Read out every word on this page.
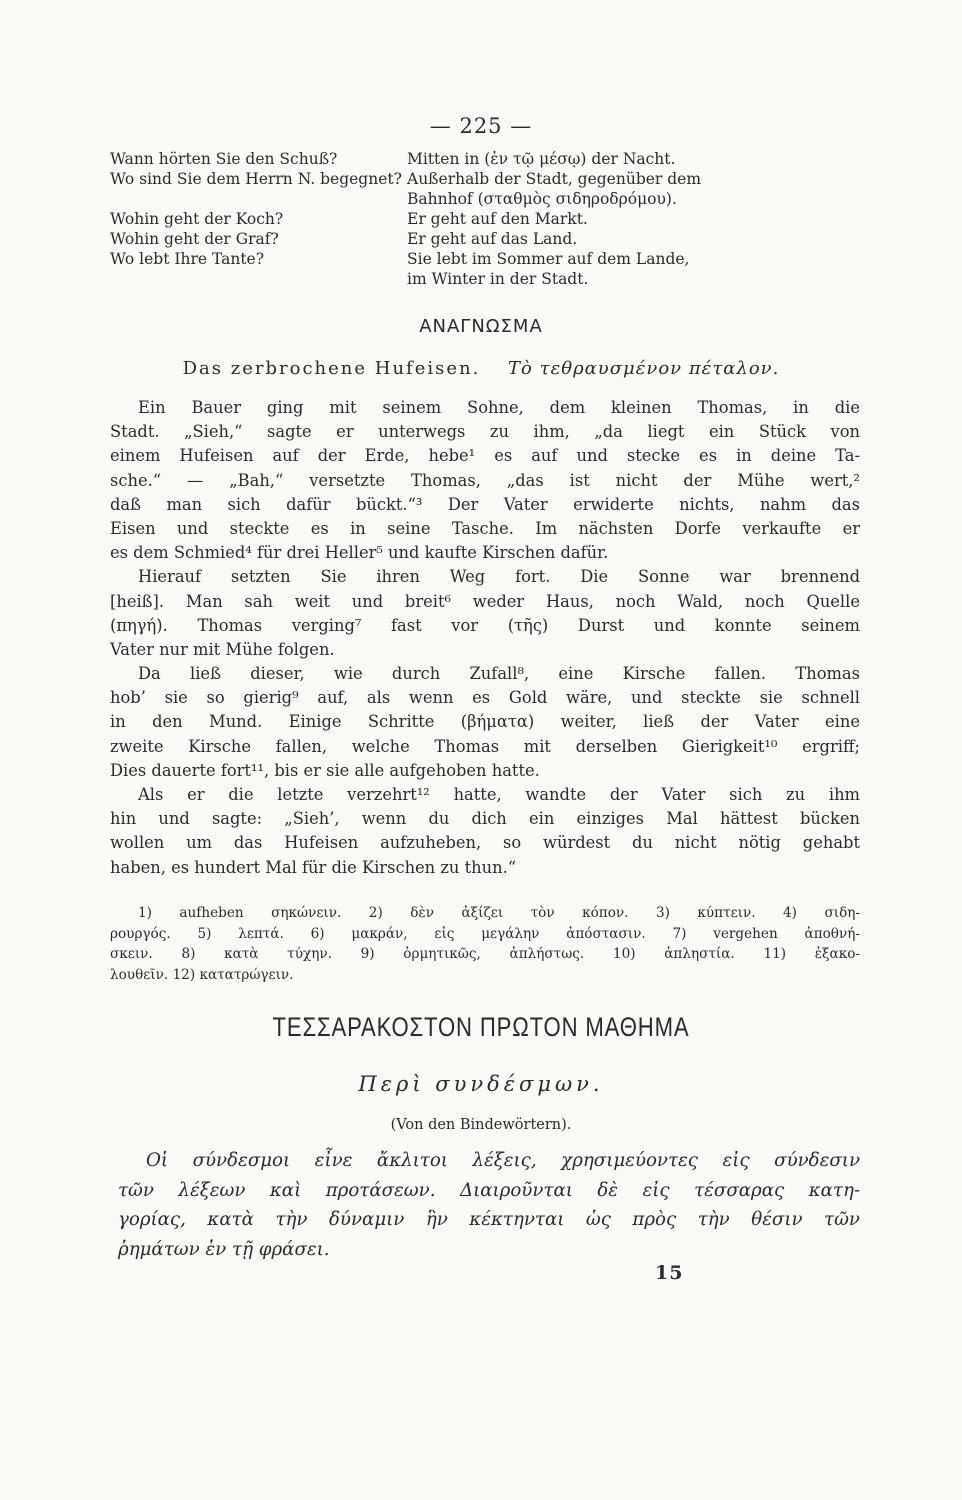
— 225 —
Wann hörten Sie den Schuß?	Mitten in (ἐν τῷ μέσῳ) der Nacht.
Wo sind Sie dem Herrn N. begegnet? Außerhalb der Stadt, gegenüber dem
Bahnhof (σταθμὸς σιδηροδρόμου).
Wohin geht der Koch?	Er geht auf den Markt.
Wohin geht der Graf?	Er geht auf das Land.
Wo lebt Ihre Tante?	Sie lebt im Sommer auf dem Lande,
im Winter in der Stadt.
ΑΝΑΓΝΩΣΜΑ
Das zerbrochene Hufeisen. Τὸ τεθραυσμένον πέταλον.
Ein Bauer ging mit seinem Sohne, dem kleinen Thomas, in die
Stadt. „Sieh,“ sagte er unterwegs zu ihm, „da liegt ein Stück von
einem Hufeisen auf der Erde, hebe¹ es auf und stecke es in deine Ta-
sche.“ — „Bah,“ versetzte Thomas, „das ist nicht der Mühe wert,²
daß man sich dafür bückt.“³ Der Vater erwiderte nichts, nahm das
Eisen und steckte es in seine Tasche. Im nächsten Dorfe verkaufte er
es dem Schmied⁴ für drei Heller⁵ und kaufte Kirschen dafür.
Hierauf setzten Sie ihren Weg fort. Die Sonne war brennend
[heiß]. Man sah weit und breit⁶ weder Haus, noch Wald, noch Quelle
(πηγή). Thomas verging⁷ fast vor (τῆς) Durst und konnte seinem
Vater nur mit Mühe folgen.
Da ließ dieser, wie durch Zufall⁸, eine Kirsche fallen. Thomas
hob’ sie so gierig⁹ auf, als wenn es Gold wäre, und steckte sie schnell
in den Mund. Einige Schritte (βήματα) weiter, ließ der Vater eine
zweite Kirsche fallen, welche Thomas mit derselben Gierigkeit¹⁰ ergriff;
Dies dauerte fort¹¹, bis er sie alle aufgehoben hatte.
Als er die letzte verzehrt¹² hatte, wandte der Vater sich zu ihm
hin und sagte: „Sieh’, wenn du dich ein einziges Mal hättest bücken
wollen um das Hufeisen aufzuheben, so würdest du nicht nötig gehabt
haben, es hundert Mal für die Kirschen zu thun.“
1) aufheben σηκώνειν. 2) δὲν ἀξίζει τὸν κόπον. 3) κύπτειν. 4) σιδη-
ρουργός. 5) λεπτά. 6) μακράν, εἰς μεγάλην ἀπόστασιν. 7) vergehen ἀποθνή-
σκειν. 8) κατὰ τύχην. 9) ὁρμητικῶς, ἀπλήστως. 10) ἀπληστία. 11) ἐξακο-
λουθεῖν. 12) κατατρώγειν.
ΤΕΣΣΑΡΑΚΟΣΤΟΝ ΠΡΩΤΟΝ ΜΑΘΗΜΑ
Περὶ συνδέσμων.
(Von den Bindewörtern).
Οἱ σύνδεσμοι εἶνε ἄκλιτοι λέξεις, χρησιμεύοντες εἰς σύνδεσιν
τῶν λέξεων καὶ προτάσεων. Διαιροῦνται δὲ εἰς τέσσαρας κατη-
γορίας, κατὰ τὴν δύναμιν ἣν κέκτηνται ὡς πρὸς τὴν θέσιν τῶν
ῥημάτων ἐν τῇ φράσει.
15
